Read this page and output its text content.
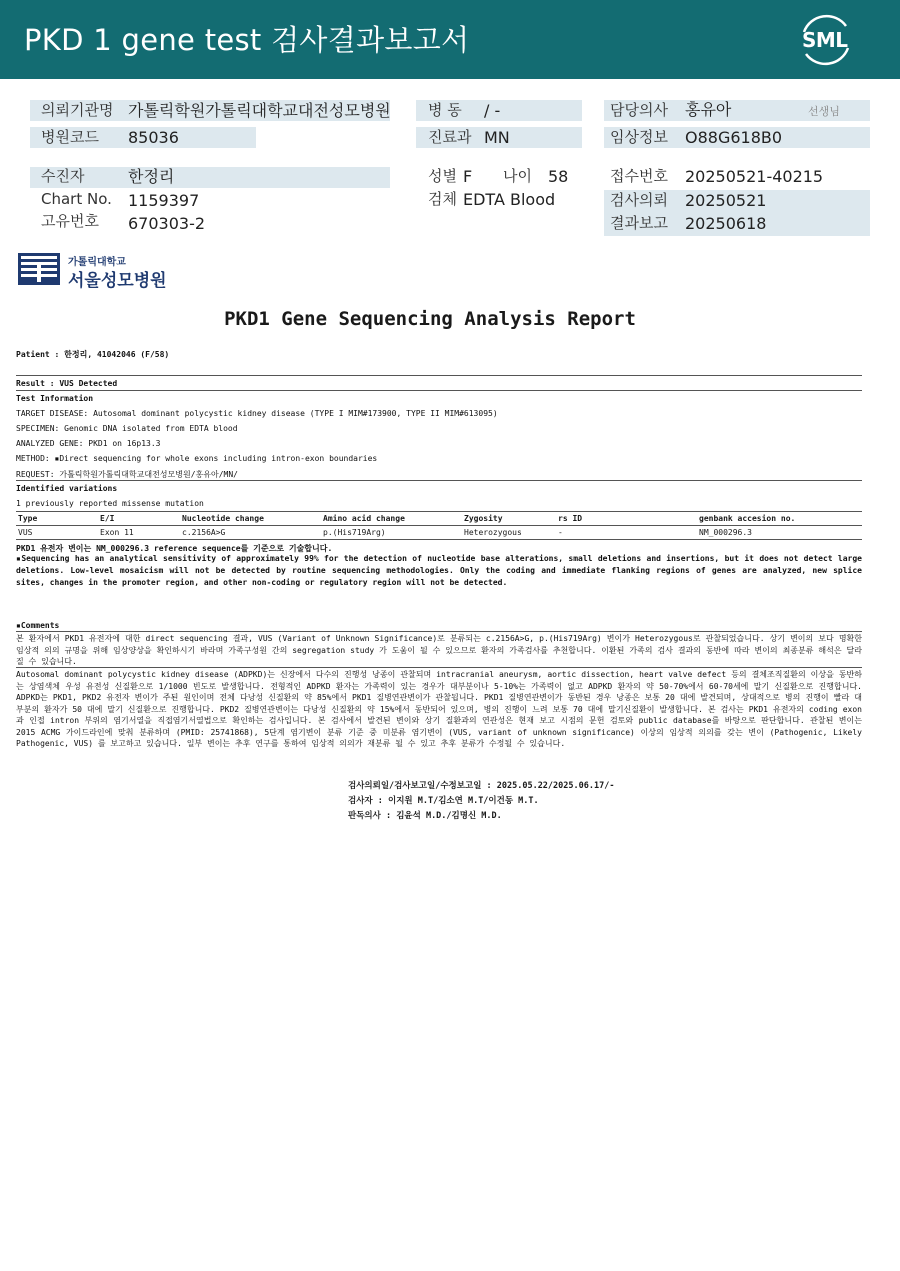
PKD 1 gene test 검사결과보고서	SML
의뢰기관명 가톨릭학원가톨릭대학교대전성모병원 병 동 / -	담당의사 홍유아	선생님
병원코드 85036	진료과 MN	임상정보 O88G618B0
수진자	한정리	성별 F 나이 58	접수번호 20250521-40215
Chart No. 1159397	검체 EDTA Blood	검사의뢰 20250521
고유번호 670303-2	결과보고 20250618
가톨릭대학교
서울성모병원
PKD1 Gene Sequencing Analysis Report
Patient : 한정리, 41042046 (F/58)
Result : VUS Detected
Test Information
TARGET DISEASE: Autosomal dominant polycystic kidney disease (TYPE I MIM#173900, TYPE II MIM#613095)
SPECIMEN: Genomic DNA isolated from EDTA blood
ANALYZED GENE: PKD1 on 16p13.3
METHOD: ▪Direct sequencing for whole exons including intron-exon boundaries
REQUEST: 가톨릭학원가톨릭대학교대전성모병원/홍유아/MN/
Identified variations
1 previously reported missense mutation
Type	E/I	Nucleotide change	Amino acid change	Zygosity	rs ID	genbank accesion no.
VUS	Exon 11	c.2156A>G	p.(His719Arg)	Heterozygous	-	NM_000296.3
PKD1 유전자 변이는 NM_000296.3 reference sequence를 기준으로 기술합니다.
▪Sequencing has an analytical sensitivity of approximately 99% for the detection of nucleotide base alterations, small deletions and insertions, but it does not detect large deletions. Low-level mosaicism will not be detected by routine sequencing methodologies. Only the coding and immediate flanking regions of genes are analyzed, new splice sites, changes in the promoter region, and other non-coding or regulatory region will not be detected.
▪Comments
본 환자에서 PKD1 유전자에 대한 direct sequencing 결과, VUS (Variant of Unknown Significance)로 분류되는 c.2156A>G, p.(His719Arg) 변이가 Heterozygous로 관찰되었습니다. 상기 변이의 보다 명확한 임상적 의의 규명을 위해 임상양상을 확인하시기 바라며 가족구성원 간의 segregation study 가 도움이 될 수 있으므로 환자의 가족검사를 추천합니다. 이환된 가족의 검사 결과의 동반에 따라 변이의 최종분류 해석은 달라질 수 있습니다.
Autosomal dominant polycystic kidney disease (ADPKD)는 신장에서 다수의 진행성 낭종이 관찰되며 intracranial aneurysm, aortic dissection, heart valve defect 등의 결체조직질환의 이상을 동반하는 상염색체 우성 유전성 신질환으로 1/1000 빈도로 발생합니다. 전형적인 ADPKD 환자는 가족력이 있는 경우가 대부분이나 5-10%는 가족력이 없고 ADPKD 환자의 약 50-70%에서 60-70세에 말기 신질환으로 진행합니다. ADPKD는 PKD1, PKD2 유전자 변이가 주된 원인이며 전체 다낭성 신질환의 약 85%에서 PKD1 질병연관변이가 관찰됩니다. PKD1 질병연관변이가 동반된 경우 낭종은 보통 20 대에 발견되며, 상대적으로 병의 진행이 빨라 대부분의 환자가 50 대에 말기 신질환으로 진행합니다. PKD2 질병연관변이는 다낭성 신질환의 약 15%에서 동반되어 있으며, 병의 진행이 느려 보통 70 대에 말기신질환이 발생합니다. 본 검사는 PKD1 유전자의 coding exon과 인접 intron 부위의 염기서열을 직접염기서열법으로 확인하는 검사입니다. 본 검사에서 발견된 변이와 상기 질환과의 연관성은 현재 보고 시점의 문헌 검토와 public database를 바탕으로 판단합니다. 관찰된 변이는 2015 ACMG 가이드라인에 맞춰 분류하며 (PMID: 25741868), 5단계 염기변이 분류 기준 중 미분류 염기변이 (VUS, variant of unknown significance) 이상의 임상적 의의를 갖는 변이 (Pathogenic, Likely Pathogenic, VUS) 를 보고하고 있습니다. 일부 변이는 추후 연구를 통하여 임상적 의의가 재분류 될 수 있고 추후 분류가 수정될 수 있습니다.
검사의뢰일/검사보고일/수정보고일 : 2025.05.22/2025.06.17/-
검사자 : 이지원 M.T/김소연 M.T/이건동 M.T.
판독의사 : 김윤석 M.D./김명신 M.D.
